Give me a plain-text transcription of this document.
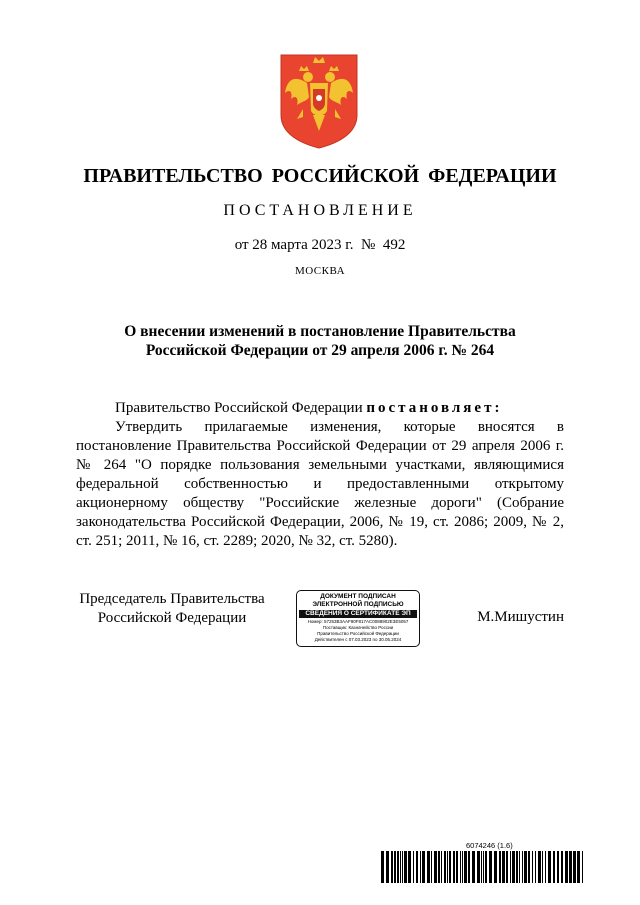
ПРАВИТЕЛЬСТВО РОССИЙСКОЙ ФЕДЕРАЦИИ
ПОСТАНОВЛЕНИЕ
от 28 марта 2023 г.  №  492
МОСКВА
О внесении изменений в постановление Правительства
Российской Федерации от 29 апреля 2006 г. № 264

Правительство Российской Федерации постановляет:

Утвердить прилагаемые изменения, которые вносятся в постановление Правительства Российской Федерации от 29 апреля 2006 г. № 264 "О порядке пользования земельными участками, являющимися федеральной собственностью и предоставленными открытому акционерному обществу "Российские железные дороги" (Собрание законодательства Российской Федерации, 2006, № 19, ст. 2086; 2009, № 2, ст. 251; 2011, № 16, ст. 2289; 2020, № 32, ст. 5280).

Председатель Правительства
Российской Федерации
ДОКУМЕНТ ПОДПИСАН
ЭЛЕКТРОННОЙ ПОДПИСЬЮ
СВЕДЕНИЯ О СЕРТИФИКАТЕ ЭП
Номер: 57253B3AAF90F817AC0088902E3E5057
Поставщик: Казначейство России
Правительство Российской Федерации
Действителен с 07.03.2023 по 30.05.2024
М.Мишустин
6074246 (1.6)
